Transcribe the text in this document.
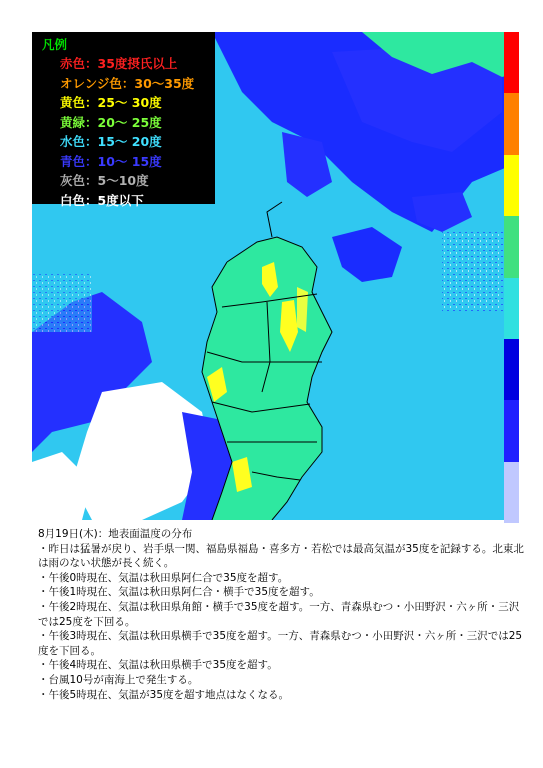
凡例
赤色：35度摂氏以上
オレンジ色：30～35度
黄色：25～ 30度
黄緑：20～ 25度
水色：15～ 20度
青色：10～ 15度
灰色：5～10度
白色：5度以下
8月19日(木)：地表面温度の分布
・昨日は猛暑が戻り、岩手県一関、福島県福島・喜多方・若松では最高気温が35度を記録する。北東北は雨のない状態が長く続く。
・午後0時現在、気温は秋田県阿仁合で35度を超す。
・午後1時現在、気温は秋田県阿仁合・横手で35度を超す。
・午後2時現在、気温は秋田県角館・横手で35度を超す。一方、青森県むつ・小田野沢・六ヶ所・三沢では25度を下回る。
・午後3時現在、気温は秋田県横手で35度を超す。一方、青森県むつ・小田野沢・六ヶ所・三沢では25度を下回る。
・午後4時現在、気温は秋田県横手で35度を超す。
・台風10号が南海上で発生する。
・午後5時現在、気温が35度を超す地点はなくなる。
